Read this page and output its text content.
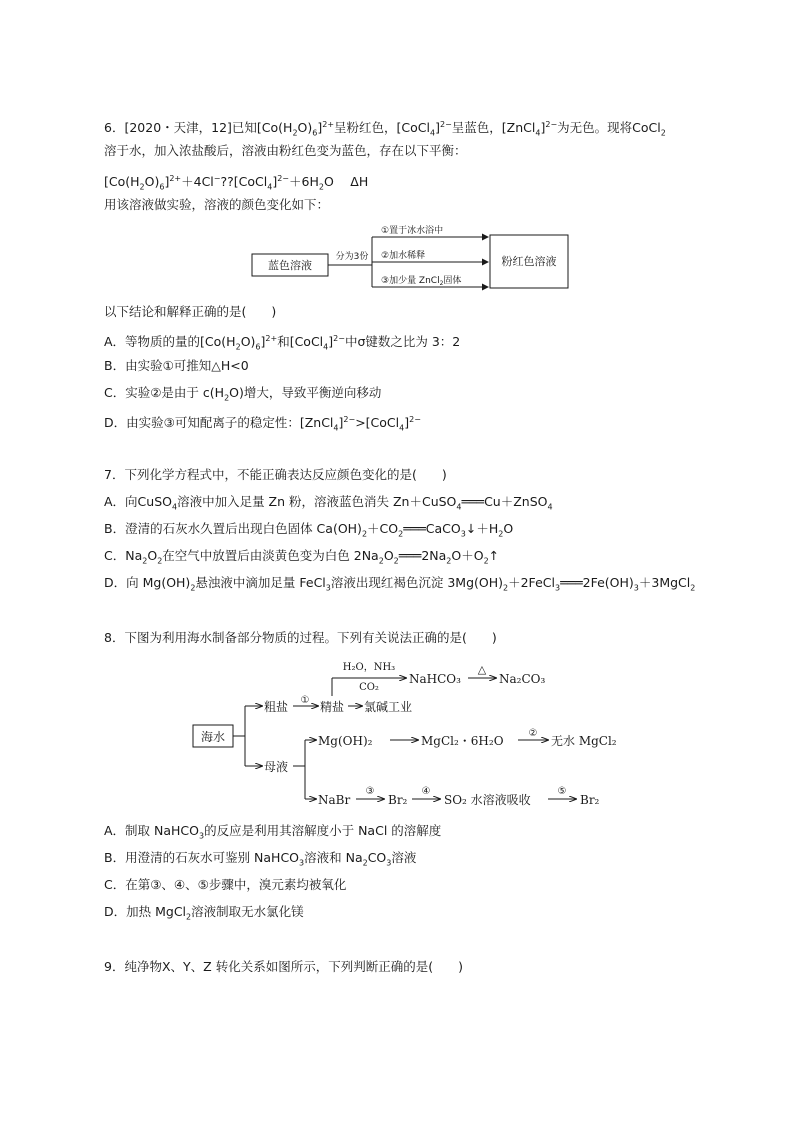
6．[2020・天津，12]已知$[Co(H_2O)_6]^{2+}$呈粉红色，[CoCl$_4$]$^{2-}$呈蓝色，[ZnCl$_4$]$^{2-}$为无色。现将CoCl$_2$
溶于水，加入浓盐酸后，溶液由粉红色变为蓝色，存在以下平衡：
$[Co(H_2O)_6]^{2+}+4Cl^-??[CoCl_4]^{2-}+6H_2O$　 ΔH
用该溶液做实验，溶液的颜色变化如下：
蓝色溶液
分为3份
①置于冰水浴中
②加水稀释
③加少量 ZnCl$_2$固体
粉红色溶液
以下结论和解释正确的是(　　)
A．等物质的量的$[Co(H_2O)_6]^{2+}$和[CoCl$_4$]$^{2-}$中σ键数之比为 3：2
B．由实验①可推知△H<0
C．实验②是由于 $c(H_2O)$增大，导致平衡逆向移动
D．由实验③可知配离子的稳定性：[ZnCl$_4$]$^{2-}$>[CoCl$_4$]$^{2-}$
7．下列化学方程式中，不能正确表达反应颜色变化的是(　　)
A．向CuSO$_4$溶液中加入足量 Zn 粉，溶液蓝色消失 Zn＋CuSO$_4$═══Cu＋ZnSO$_4$
B．澄清的石灰水久置后出现白色固体 $Ca(OH)_2+CO_2═══CaCO_3↓+H_2O$
C．$Na_2O_2$在空气中放置后由淡黄色变为白色 $2Na_2O_2═══2Na_2O+O_2↑$
D．向 $Mg(OH)_2$悬浊液中滴加足量 FeCl$_3$溶液出现红褐色沉淀 $3Mg(OH)_2+2FeCl_3═══2Fe(OH)_3+3MgCl_2$
8．下图为利用海水制备部分物质的过程。下列有关说法正确的是(　　)
海水
粗盐 ① 精盐 氯碱工业
H₂O，NH₃
CO₂
NaHCO₃
△
Na₂CO₃
母液
Mg(OH)₂	MgCl₂・6H₂O
②
无水 MgCl₂
NaBr
③
Br₂
④
SO₂ 水溶液吸收
⑤
Br₂
A．制取 NaHCO$_3$的反应是利用其溶解度小于 NaCl 的溶解度
B．用澄清的石灰水可鉴别 NaHCO$_3$溶液和 $Na_2CO_3$溶液
C．在第③、④、⑤步骤中，溴元素均被氧化
D．加热 MgCl$_2$溶液制取无水氯化镁
9．纯净物X、Y、Z 转化关系如图所示，下列判断正确的是(　　)
